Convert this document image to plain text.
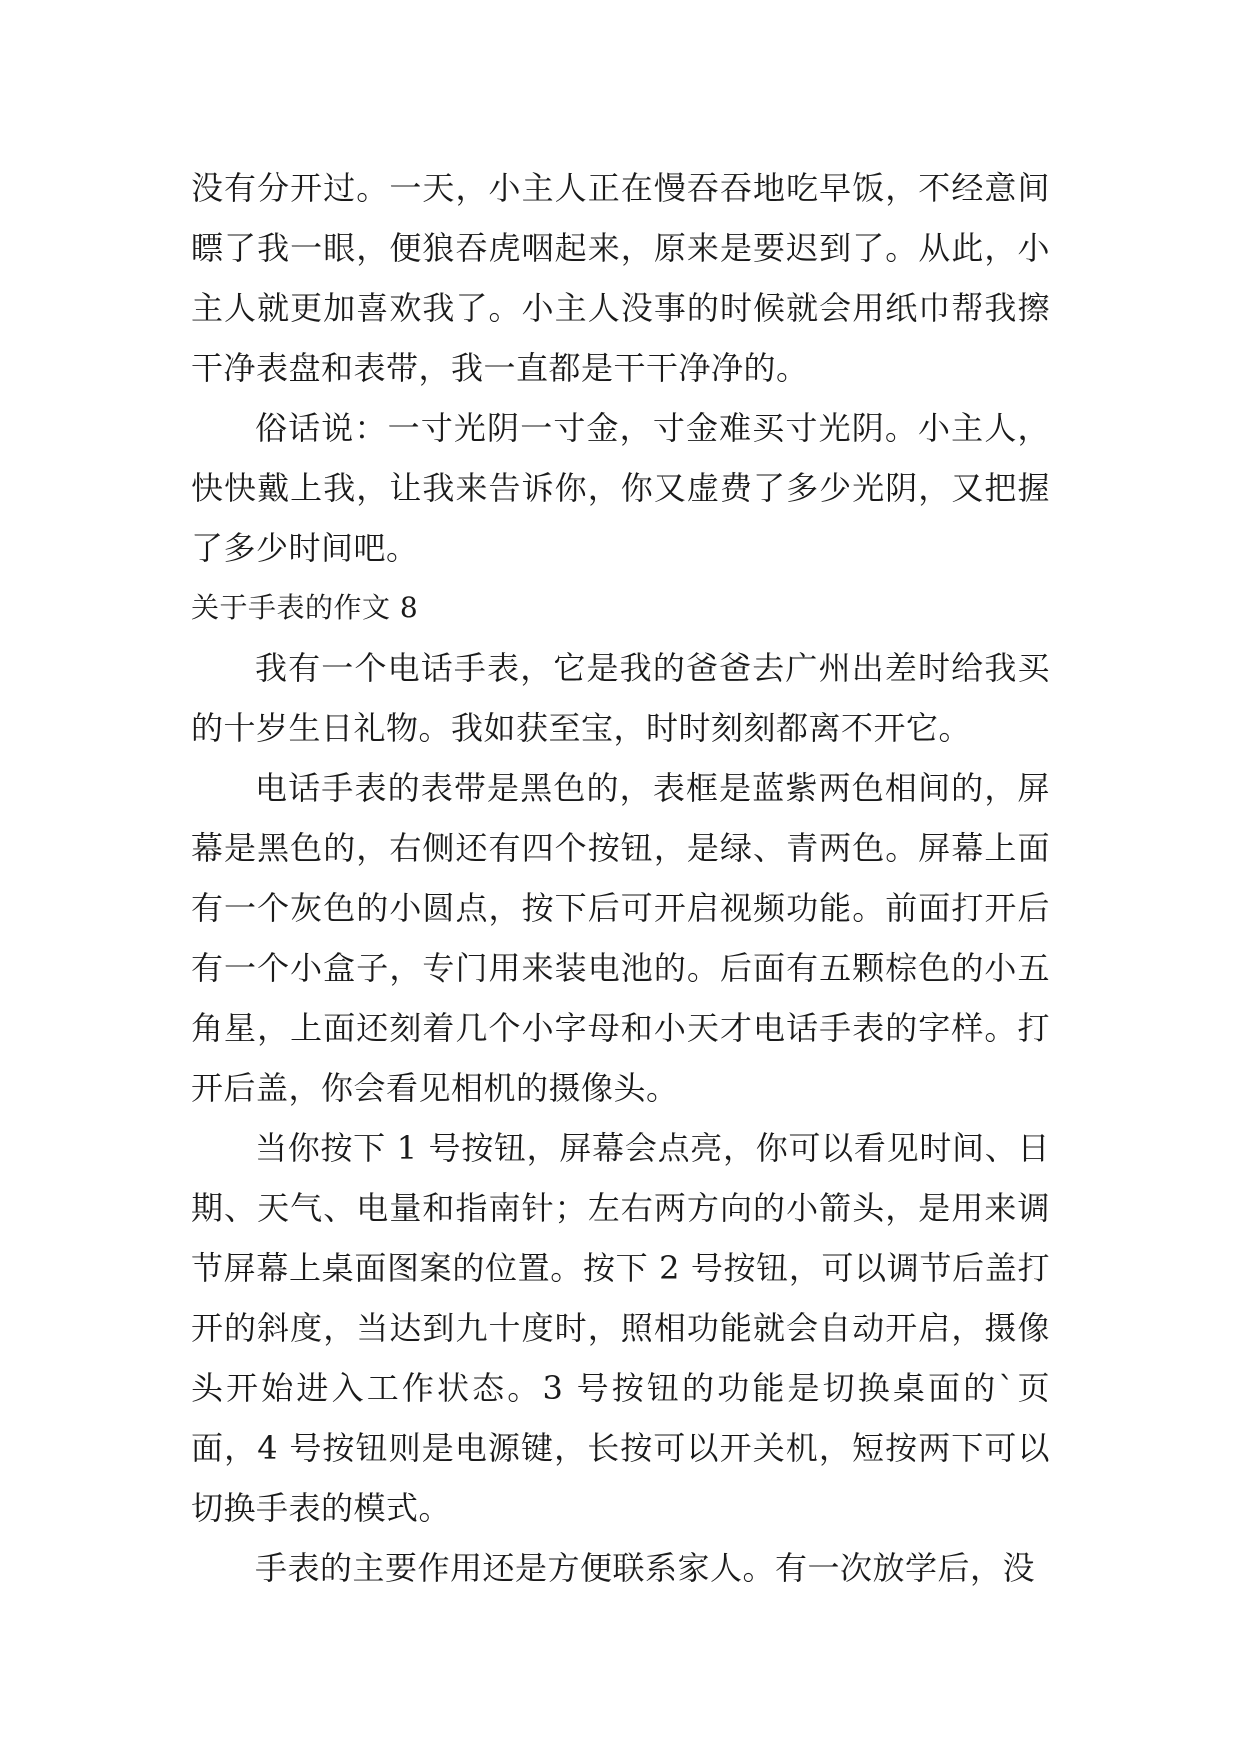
没有分开过。一天，小主人正在慢吞吞地吃早饭，不经意间瞟了我一眼，便狼吞虎咽起来，原来是要迟到了。从此，小主人就更加喜欢我了。小主人没事的时候就会用纸巾帮我擦干净表盘和表带，我一直都是干干净净的。

俗话说：一寸光阴一寸金，寸金难买寸光阴。小主人，快快戴上我，让我来告诉你，你又虚费了多少光阴，又把握了多少时间吧。

关于手表的作文 8

我有一个电话手表，它是我的爸爸去广州出差时给我买的十岁生日礼物。我如获至宝，时时刻刻都离不开它。

电话手表的表带是黑色的，表框是蓝紫两色相间的，屏幕是黑色的，右侧还有四个按钮，是绿、青两色。屏幕上面有一个灰色的小圆点，按下后可开启视频功能。前面打开后有一个小盒子，专门用来装电池的。后面有五颗棕色的小五角星，上面还刻着几个小字母和小天才电话手表的字样。打开后盖，你会看见相机的摄像头。

当你按下 1 号按钮，屏幕会点亮，你可以看见时间、日期、天气、电量和指南针；左右两方向的小箭头，是用来调节屏幕上桌面图案的位置。按下 2 号按钮，可以调节后盖打开的斜度，当达到九十度时，照相功能就会自动开启，摄像头开始进入工作状态。3 号按钮的功能是切换桌面的`页面，4 号按钮则是电源键，长按可以开关机，短按两下可以切换手表的模式。

手表的主要作用还是方便联系家人。有一次放学后，没
